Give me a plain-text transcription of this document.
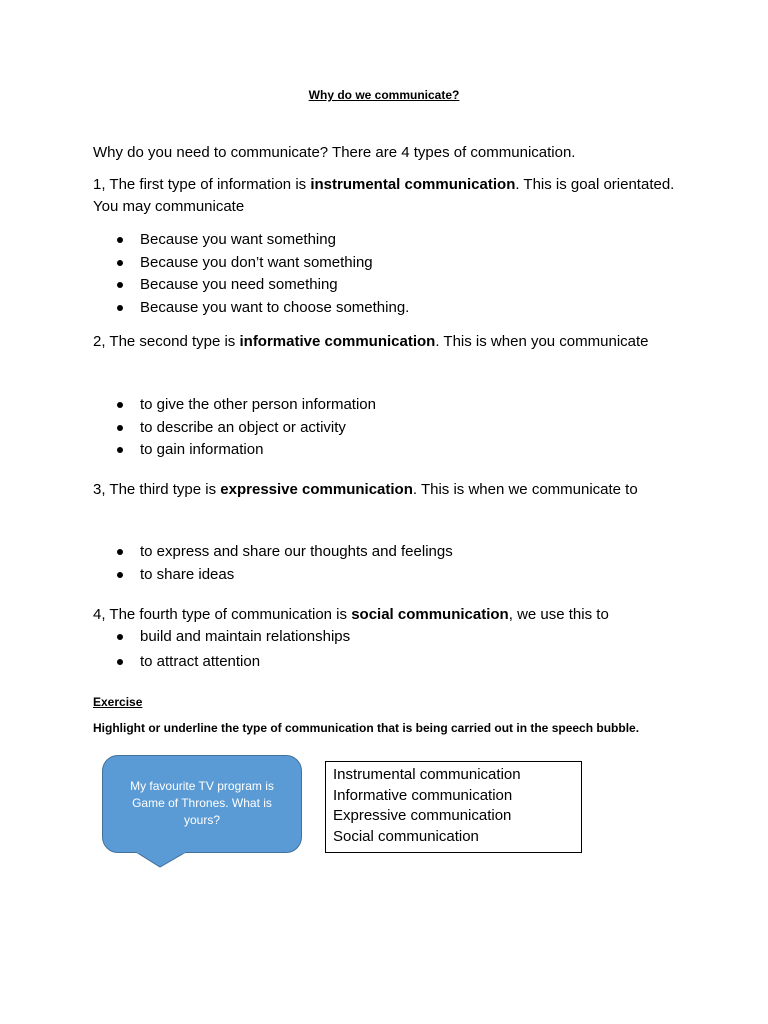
Why do we communicate?
Why do you need to communicate? There are 4 types of communication.
1, The first type of information is instrumental communication. This is goal orientated. You may communicate
Because you want something
Because you don’t want something
Because you need something
Because you want to choose something.
2, The second type is informative communication. This is when you communicate
to give the other person information
to describe an object or activity
to gain information
3, The third type is expressive communication. This is when we communicate to
to express and share our thoughts and feelings
to share ideas
4, The fourth type of communication is social communication, we use this to
build and maintain relationships
to attract attention
Exercise
Highlight or underline the type of communication that is being carried out in the speech bubble.
My favourite TV program is Game of Thrones. What is yours?
Instrumental communication
Informative communication
Expressive communication
Social communication
